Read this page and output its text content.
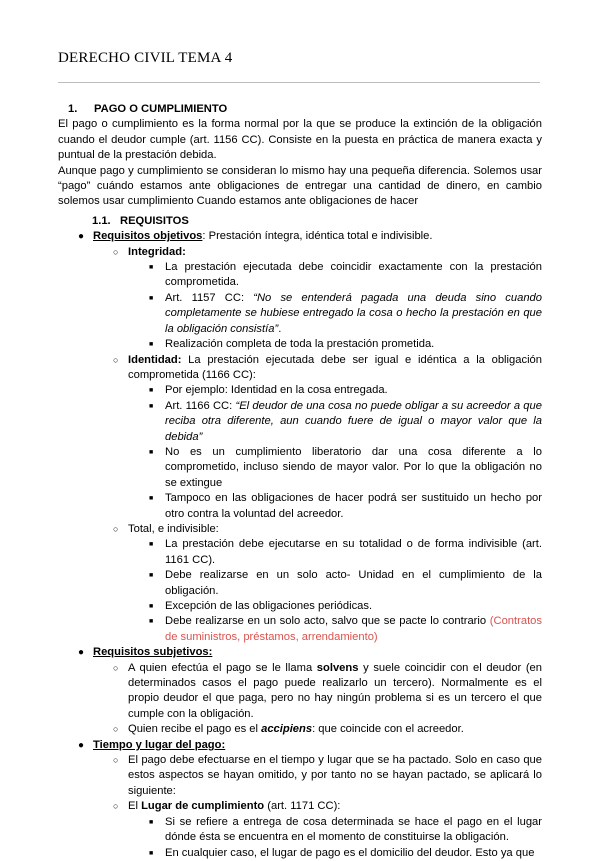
DERECHO CIVIL TEMA 4
1. PAGO O CUMPLIMIENTO

El pago o cumplimiento es la forma normal por la que se produce la extinción de la obligación cuando el deudor cumple (art. 1156 CC). Consiste en la puesta en práctica de manera exacta y puntual de la prestación debida.

Aunque pago y cumplimiento se consideran lo mismo hay una pequeña diferencia. Solemos usar “pago” cuándo estamos ante obligaciones de entregar una cantidad de dinero, en cambio solemos usar cumplimiento Cuando estamos ante obligaciones de hacer

1.1. REQUISITOS
● Requisitos objetivos: Prestación íntegra, idéntica total e indivisible.
○ Integridad:
■ La prestación ejecutada debe coincidir exactamente con la prestación comprometida.
■ Art. 1157 CC: “No se entenderá pagada una deuda sino cuando completamente se hubiese entregado la cosa o hecho la prestación en que la obligación consistía”.
■ Realización completa de toda la prestación prometida.
○ Identidad: La prestación ejecutada debe ser igual e idéntica a la obligación comprometida (1166 CC):
■ Por ejemplo: Identidad en la cosa entregada.
■ Art. 1166 CC: “El deudor de una cosa no puede obligar a su acreedor a que reciba otra diferente, aun cuando fuere de igual o mayor valor que la debida”
■ No es un cumplimiento liberatorio dar una cosa diferente a lo comprometido, incluso siendo de mayor valor. Por lo que la obligación no se extingue
■ Tampoco en las obligaciones de hacer podrá ser sustituido un hecho por otro contra la voluntad del acreedor.
○ Total, e indivisible:
■ La prestación debe ejecutarse en su totalidad o de forma indivisible (art. 1161 CC).
■ Debe realizarse en un solo acto- Unidad en el cumplimiento de la obligación.
■ Excepción de las obligaciones periódicas.
■ Debe realizarse en un solo acto, salvo que se pacte lo contrario (Contratos de suministros, préstamos, arrendamiento)
● Requisitos subjetivos:
○ A quien efectúa el pago se le llama solvens y suele coincidir con el deudor (en determinados casos el pago puede realizarlo un tercero). Normalmente es el propio deudor el que paga, pero no hay ningún problema si es un tercero el que cumple con la obligación.
○ Quien recibe el pago es el accipiens: que coincide con el acreedor.
● Tiempo y lugar del pago:
○ El pago debe efectuarse en el tiempo y lugar que se ha pactado. Solo en caso que estos aspectos se hayan omitido, y por tanto no se hayan pactado, se aplicará lo siguiente:
○ El Lugar de cumplimiento (art. 1171 CC):
■ Si se refiere a entrega de cosa determinada se hace el pago en el lugar dónde ésta se encuentra en el momento de constituirse la obligación.
■ En cualquier caso, el lugar de pago es el domicilio del deudor. Esto ya que
